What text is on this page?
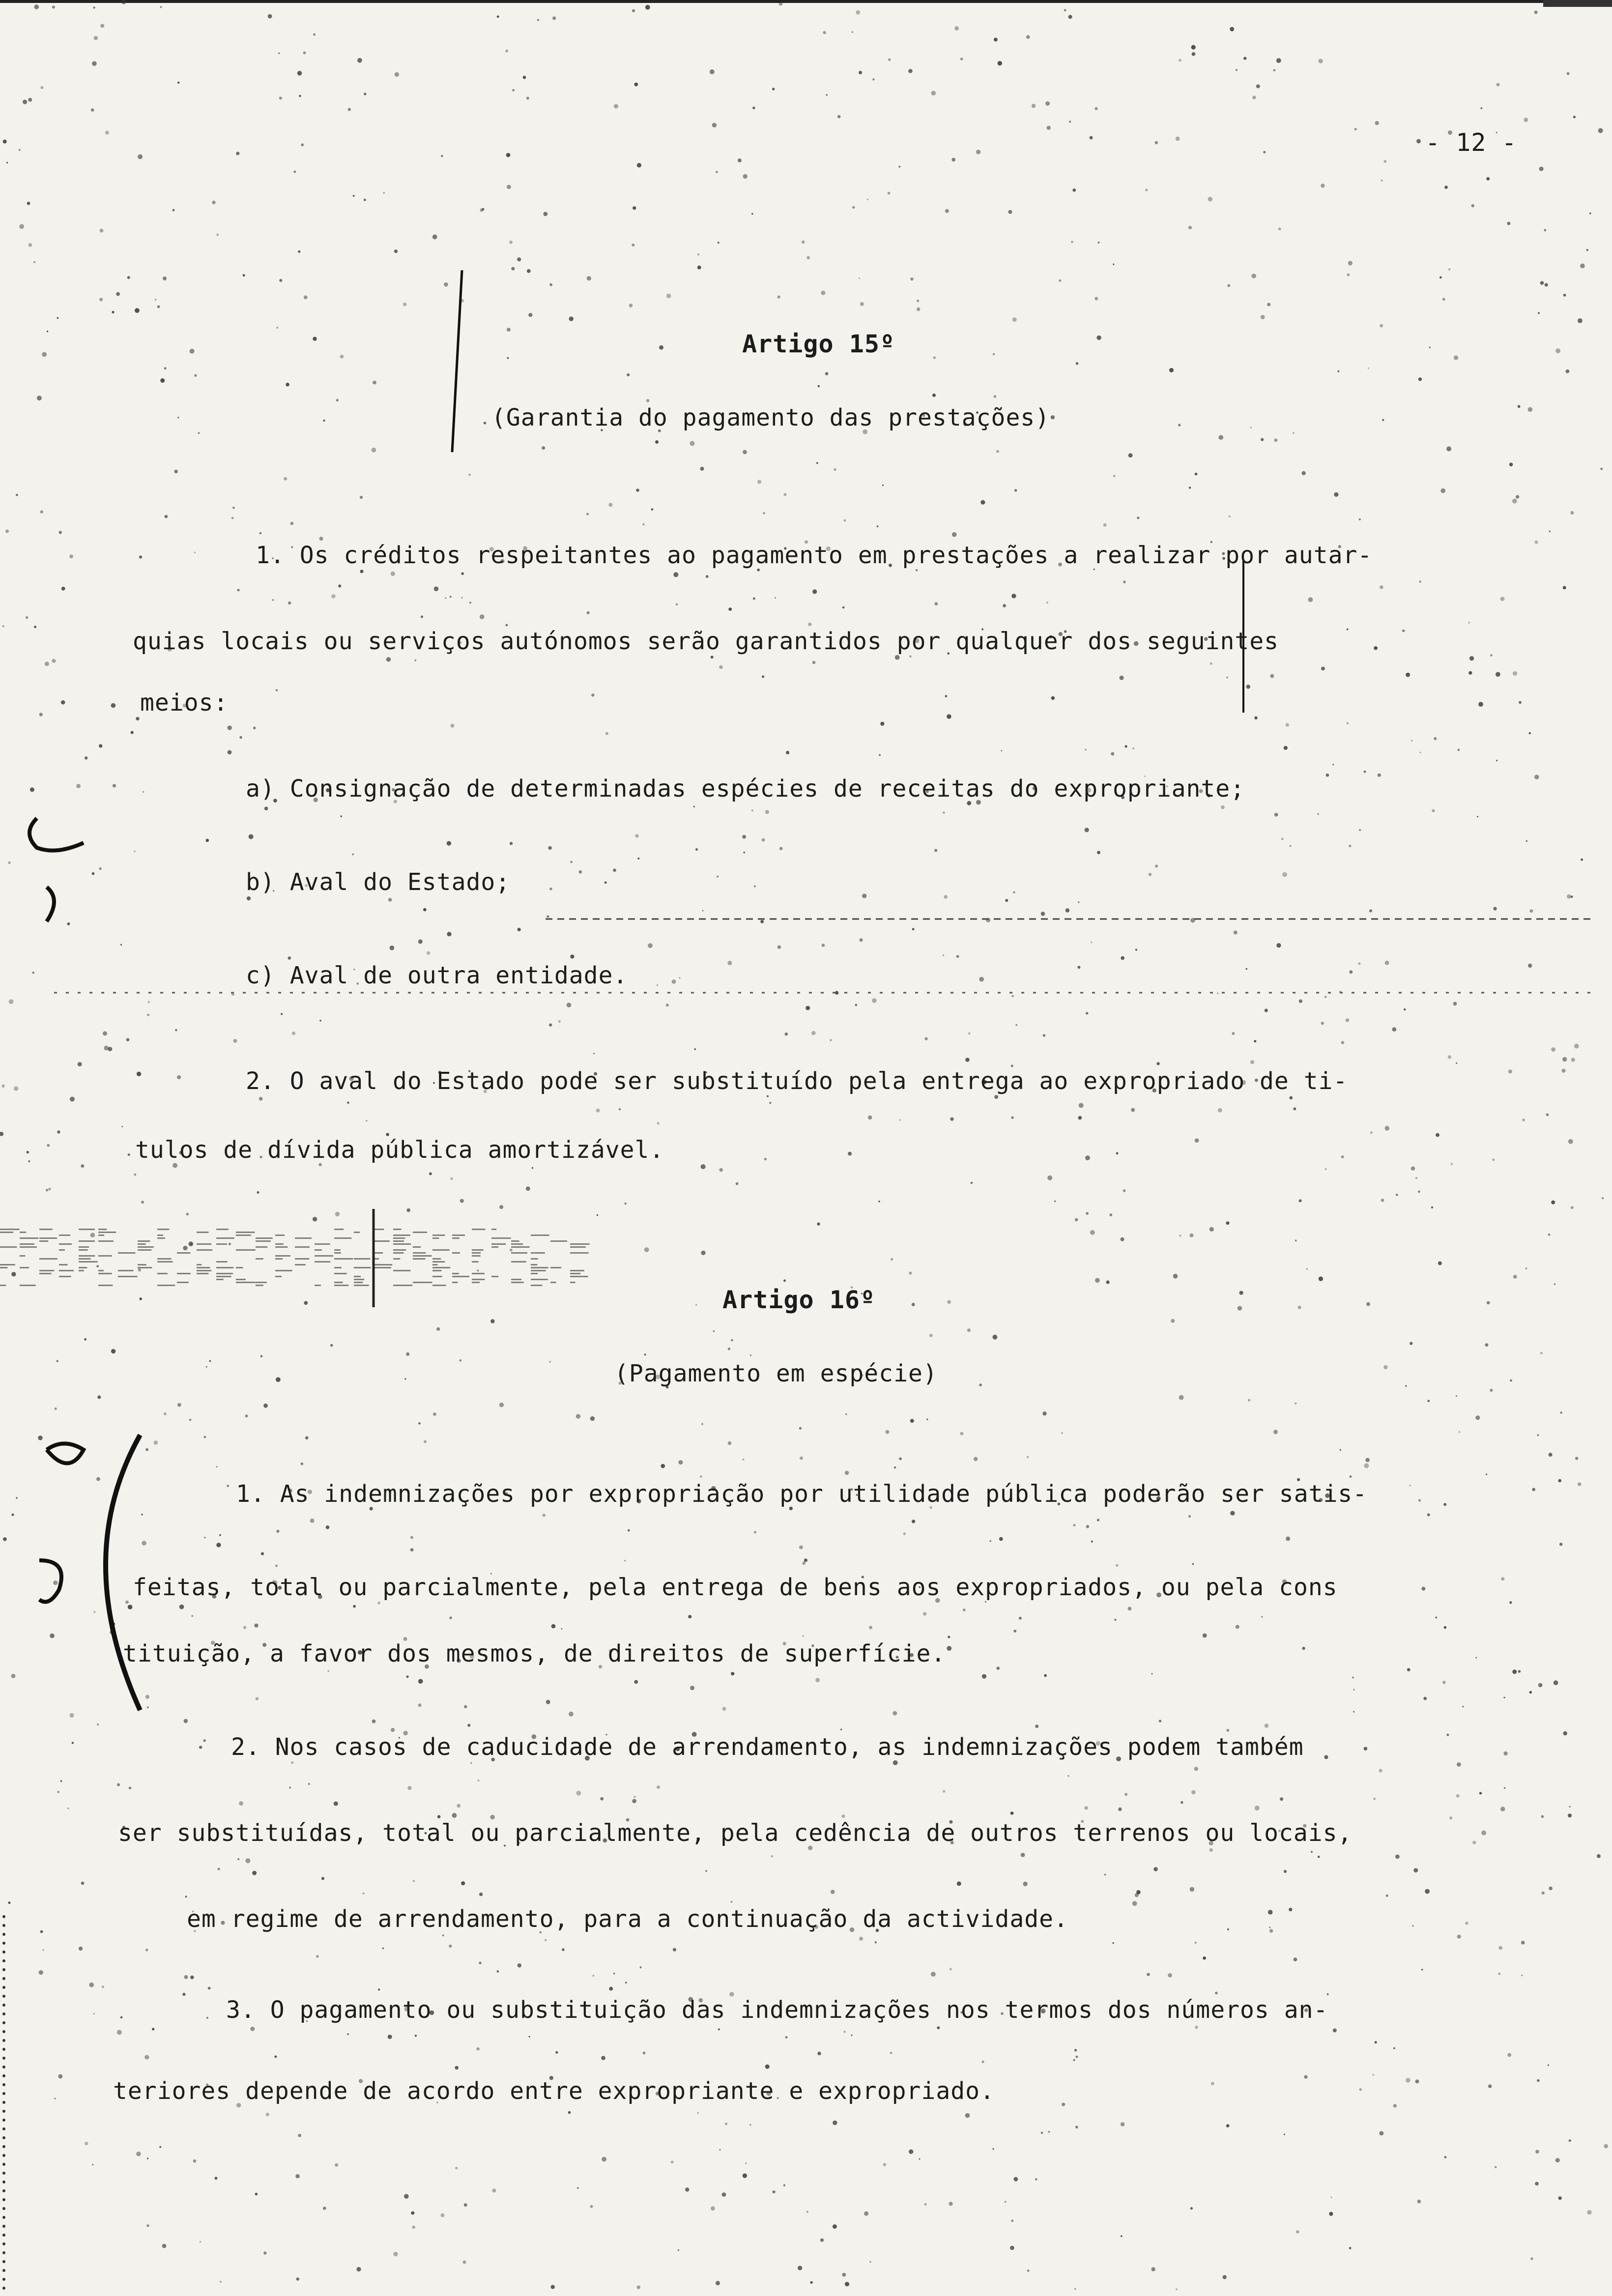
- 12 -
Artigo 15º
(Garantia do pagamento das prestações)
1. Os créditos respeitantes ao pagamento em prestações a realizar por autar-
quias locais ou serviços autónomos serão garantidos por qualquer dos seguintes
meios:
a) Consignação de determinadas espécies de receitas do expropriante;
b) Aval do Estado;
c) Aval de outra entidade.
2. O aval do Estado pode ser substituído pela entrega ao expropriado de ti-
tulos de dívida pública amortizável.
Artigo 16º
(Pagamento em espécie)
1. As indemnizações por expropriação por utilidade pública poderão ser satis-
feitas, total ou parcialmente, pela entrega de bens aos expropriados, ou pela cons
tituição, a favor dos mesmos, de direitos de superfície.
2. Nos casos de caducidade de arrendamento, as indemnizações podem também
ser substituídas, total ou parcialmente, pela cedência de outros terrenos ou locais,
em regime de arrendamento, para a continuação da actividade.
3. O pagamento ou substituição das indemnizações nos termos dos números an-
teriores depende de acordo entre expropriante e expropriado.
